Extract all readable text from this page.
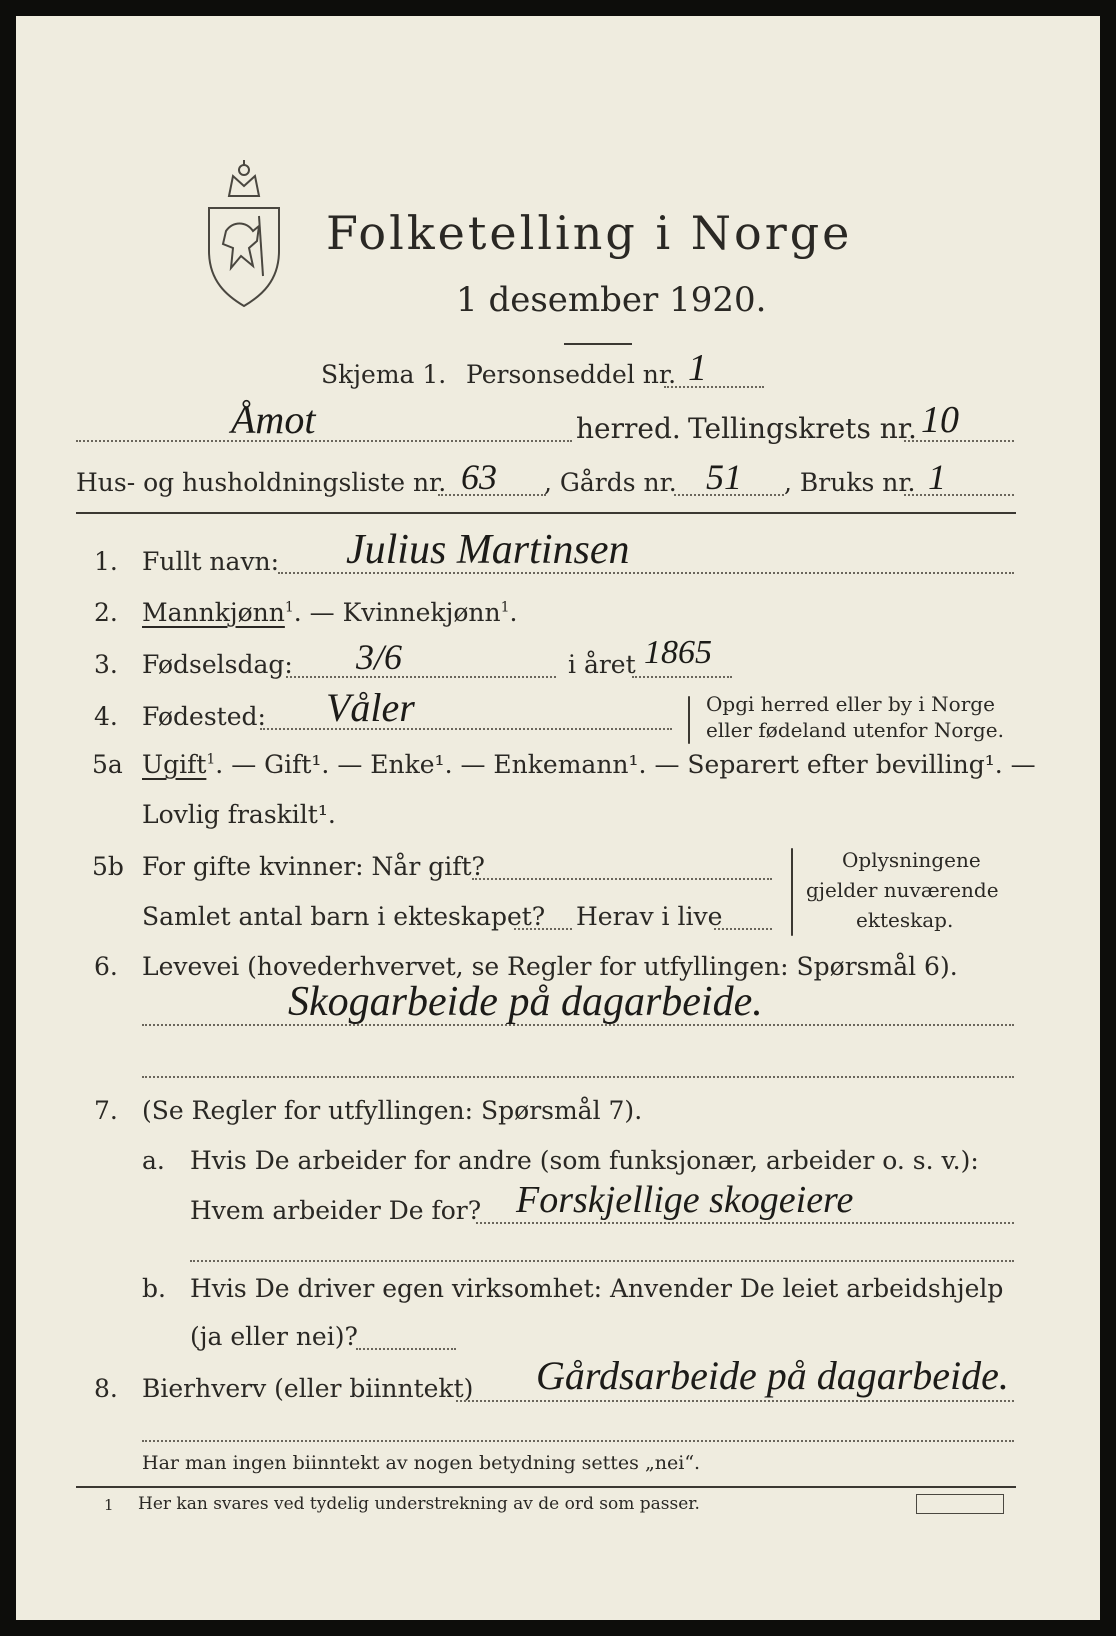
Folketelling i Norge
1 desember 1920.
Skjema 1. Personseddel nr. 1
Åmot	herred. Tellingskrets nr. 10
Hus- og husholdningsliste nr. 63 , Gårds nr. 51 , Bruks nr. 1
1. Fullt navn: Julius Martinsen
2. Mannkjønn$^1$. — Kvinnekjønn$^1$.
3. Fødselsdag: 3/6	i året 1865
4. Fødested: Våler	Opgi herred eller by i Norge
eller fødeland utenfor Norge.
5a Ugift$^1$. — Gift¹. — Enke¹. — Enkemann¹. — Separert efter bevilling¹. —
Lovlig fraskilt¹.
5b For gifte kvinner: Når gift?
Samlet antal barn i ekteskapet? Herav i live
Oplysningene
gjelder nuværende
ekteskap.
6. Levevei (hovederhvervet, se Regler for utfyllingen: Spørsmål 6).
Skogarbeide på dagarbeide.
7. (Se Regler for utfyllingen: Spørsmål 7).
a. Hvis De arbeider for andre (som funksjonær, arbeider o. s. v.):
Hvem arbeider De for? Forskjellige skogeiere
b. Hvis De driver egen virksomhet: Anvender De leiet arbeidshjelp
(ja eller nei)?
8. Bierhverv (eller biinntekt) Gårdsarbeide på dagarbeide.
Har man ingen biinntekt av nogen betydning settes „nei“.
1 Her kan svares ved tydelig understrekning av de ord som passer.
